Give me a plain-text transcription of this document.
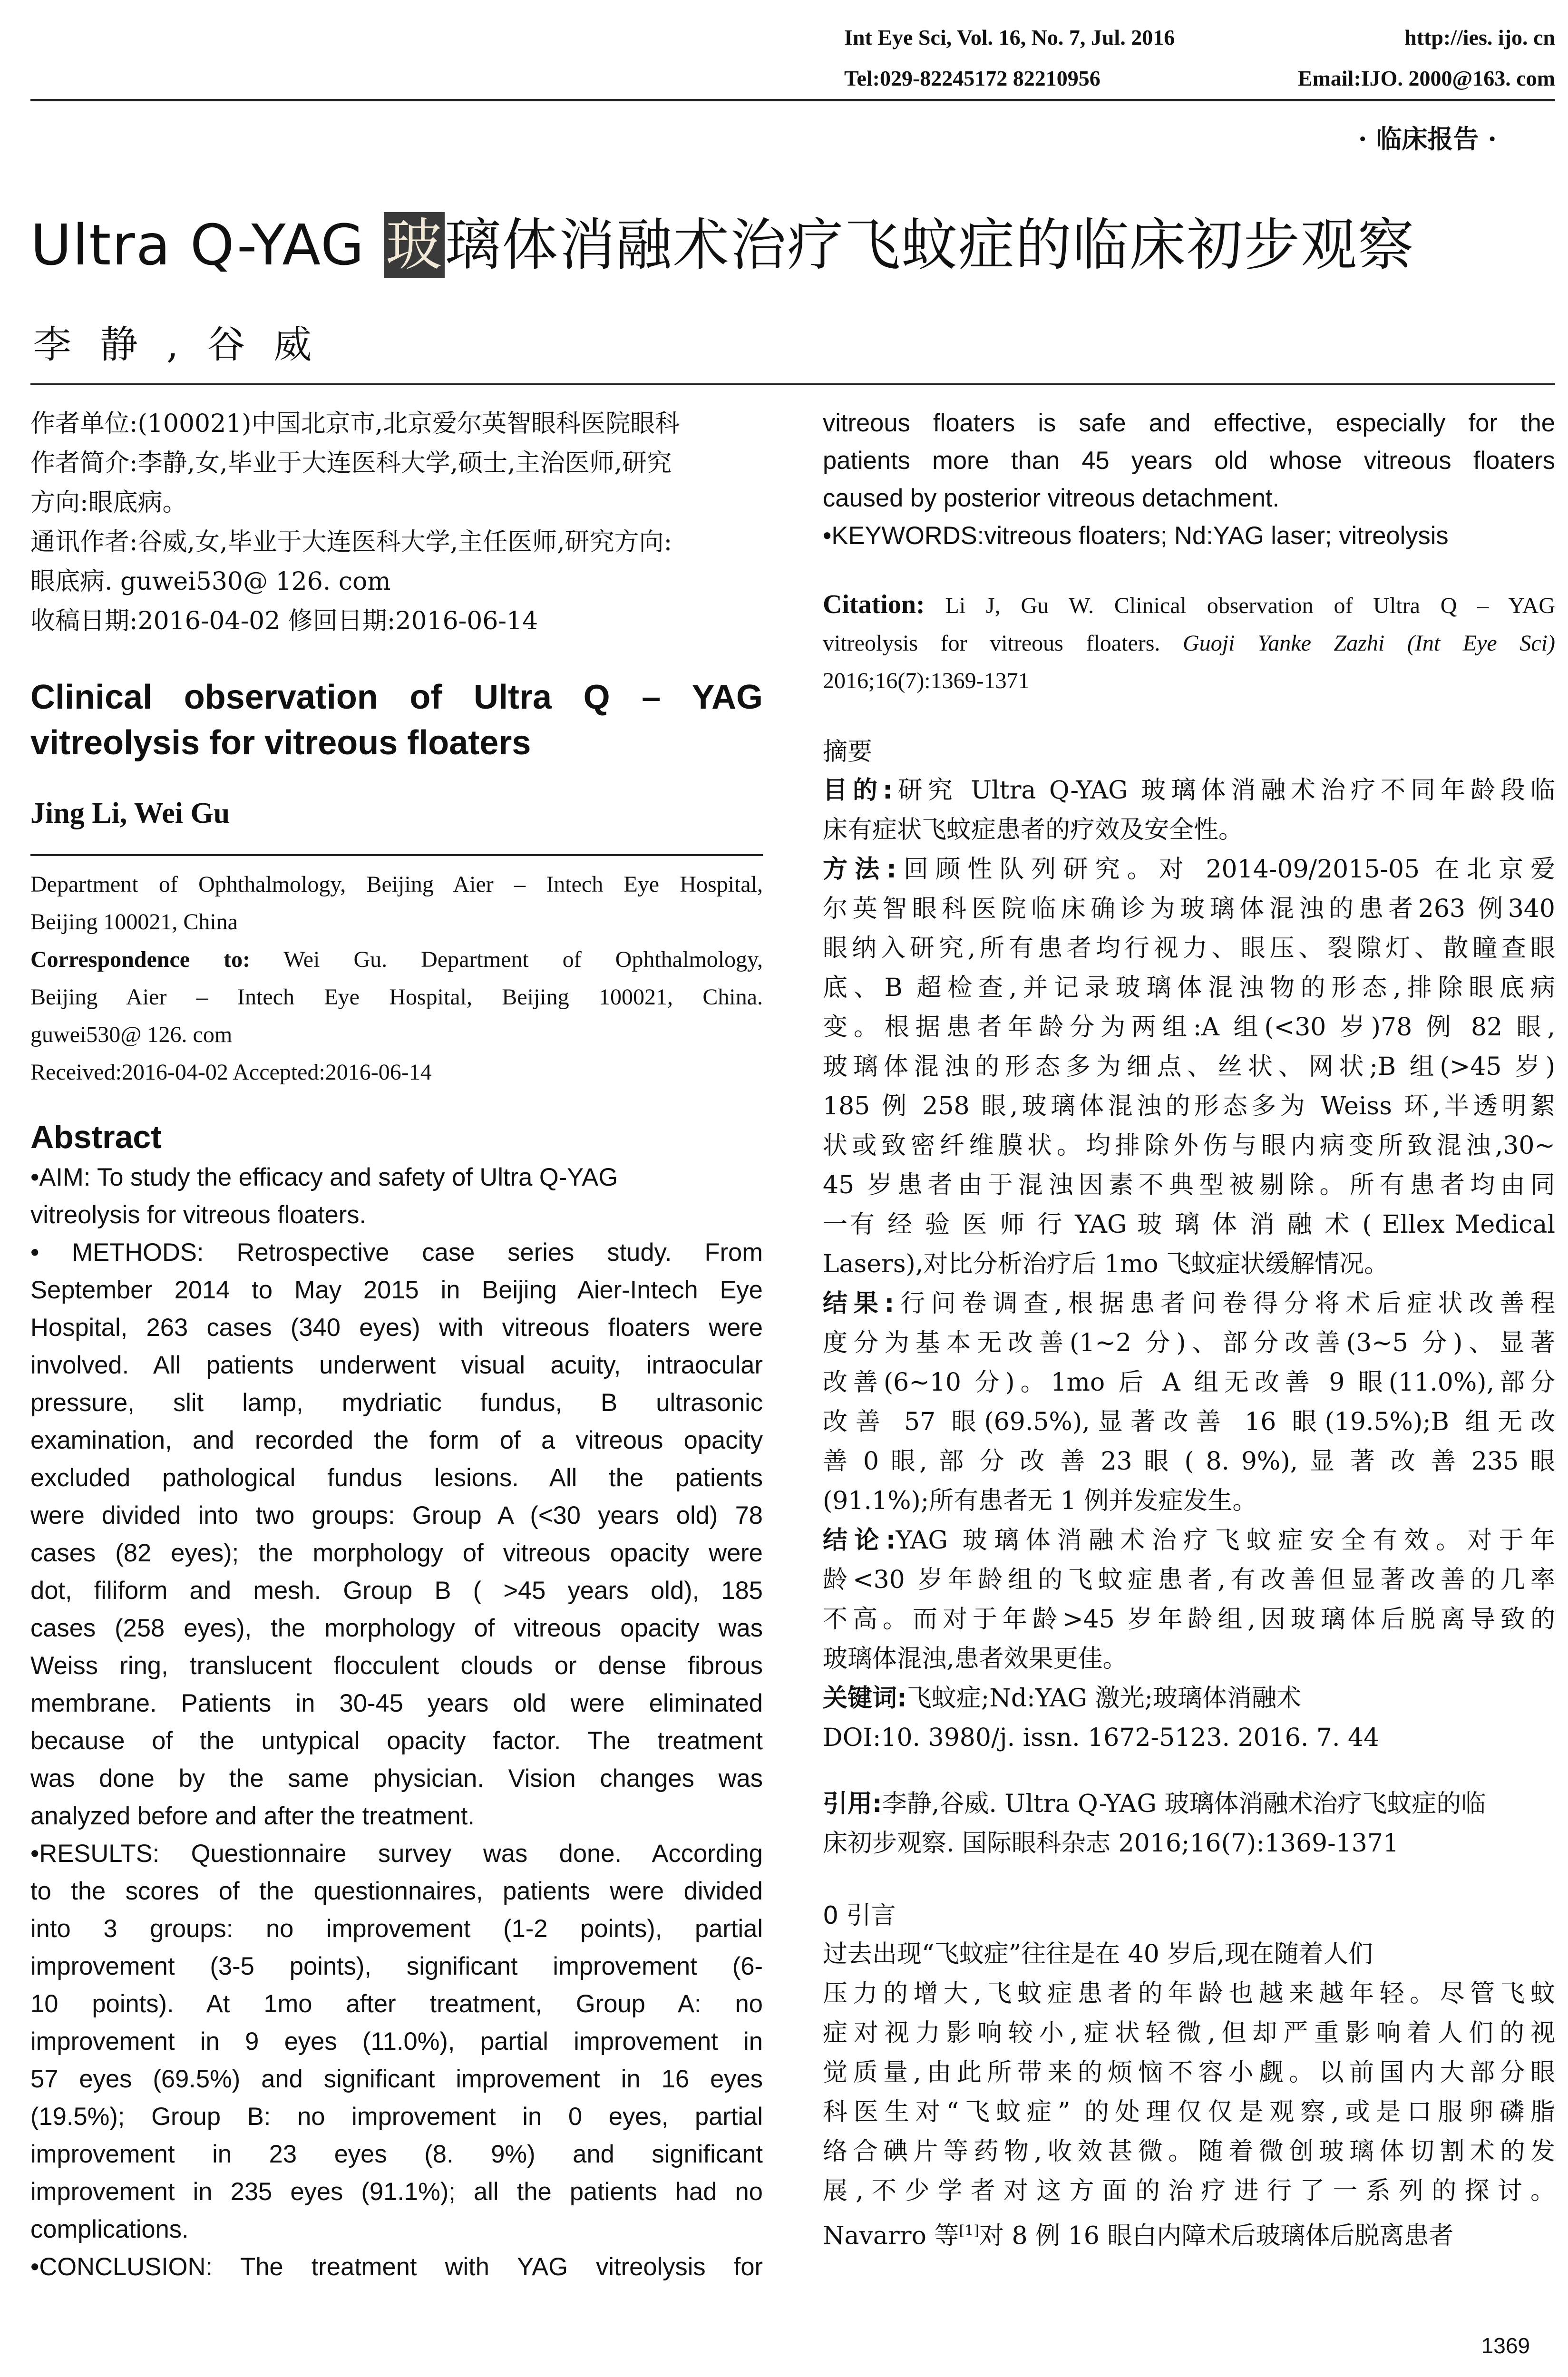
Int Eye Sci, Vol. 16, No. 7, Jul. 2016	http://ies. ijo. cn
Tel:029-82245172 82210956	Email:IJO. 2000@163. com
· 临床报告 ·
Ultra Q-YAG 玻璃体消融术治疗飞蚊症的临床初步观察
李静,谷威
作者单位:(100021)中国北京市,北京爱尔英智眼科医院眼科
作者简介:李静,女,毕业于大连医科大学,硕士,主治医师,研究
方向:眼底病。
通讯作者:谷威,女,毕业于大连医科大学,主任医师,研究方向:
眼底病. guwei530@ 126. com
收稿日期:2016-04-02 修回日期:2016-06-14
Clinical observation of Ultra Q – YAG
vitreolysis for vitreous floaters
Jing Li, Wei Gu
Department of Ophthalmology, Beijing Aier – Intech Eye Hospital,
Beijing 100021, China
Correspondence to: Wei Gu. Department of Ophthalmology,
Beijing Aier – Intech Eye Hospital, Beijing 100021, China.
guwei530@ 126. com
Received:2016-04-02 Accepted:2016-06-14
Abstract
•AIM: To study the efficacy and safety of Ultra Q-YAG
vitreolysis for vitreous floaters.
• METHODS: Retrospective case series study. From
September 2014 to May 2015 in Beijing Aier-Intech Eye
Hospital, 263 cases (340 eyes) with vitreous floaters were
involved. All patients underwent visual acuity, intraocular
pressure, slit lamp, mydriatic fundus, B ultrasonic
examination, and recorded the form of a vitreous opacity
excluded pathological fundus lesions. All the patients
were divided into two groups: Group A (<30 years old) 78
cases (82 eyes); the morphology of vitreous opacity were
dot, filiform and mesh. Group B ( >45 years old), 185
cases (258 eyes), the morphology of vitreous opacity was
Weiss ring, translucent flocculent clouds or dense fibrous
membrane. Patients in 30-45 years old were eliminated
because of the untypical opacity factor. The treatment
was done by the same physician. Vision changes was
analyzed before and after the treatment.
•RESULTS: Questionnaire survey was done. According
to the scores of the questionnaires, patients were divided
into 3 groups: no improvement (1-2 points), partial
improvement (3-5 points), significant improvement (6-
10 points). At 1mo after treatment, Group A: no
improvement in 9 eyes (11.0%), partial improvement in
57 eyes (69.5%) and significant improvement in 16 eyes
(19.5%); Group B: no improvement in 0 eyes, partial
improvement in 23 eyes (8. 9%) and significant
improvement in 235 eyes (91.1%); all the patients had no
complications.
•CONCLUSION: The treatment with YAG vitreolysis for
vitreous floaters is safe and effective, especially for the
patients more than 45 years old whose vitreous floaters
caused by posterior vitreous detachment.
•KEYWORDS:vitreous floaters; Nd:YAG laser; vitreolysis
Citation: Li J, Gu W. Clinical observation of Ultra Q – YAG
vitreolysis for vitreous floaters. Guoji Yanke Zazhi (Int Eye Sci)
2016;16(7):1369-1371
摘要
目的:研究 Ultra Q-YAG 玻璃体消融术治疗不同年龄段临
床有症状飞蚊症患者的疗效及安全性。
方法:回顾性队列研究。对 2014-09/2015-05 在北京爱
尔英智眼科医院临床确诊为玻璃体混浊的患者263 例340
眼纳入研究,所有患者均行视力、眼压、裂隙灯、散瞳查眼
底、B 超检查,并记录玻璃体混浊物的形态,排除眼底病
变。根据患者年龄分为两组:A 组(<30 岁)78 例 82 眼,
玻璃体混浊的形态多为细点、丝状、网状;B 组(>45 岁)
185 例 258 眼,玻璃体混浊的形态多为 Weiss 环,半透明絮
状或致密纤维膜状。均排除外伤与眼内病变所致混浊,30~
45 岁患者由于混浊因素不典型被剔除。所有患者均由同
一有 经 验 医 师 行 YAG 玻 璃 体 消 融 术 ( Ellex Medical
Lasers),对比分析治疗后 1mo 飞蚊症状缓解情况。
结果:行问卷调查,根据患者问卷得分将术后症状改善程
度分为基本无改善(1~2 分)、部分改善(3~5 分)、显著
改善(6~10 分)。1mo 后 A 组无改善 9 眼(11.0%),部分
改善 57 眼(69.5%),显著改善 16 眼(19.5%);B 组无改
善 0 眼, 部 分 改 善 23 眼 ( 8. 9%), 显 著 改 善 235 眼
(91.1%);所有患者无 1 例并发症发生。
结论:YAG 玻璃体消融术治疗飞蚊症安全有效。对于年
龄<30 岁年龄组的飞蚊症患者,有改善但显著改善的几率
不高。而对于年龄>45 岁年龄组,因玻璃体后脱离导致的
玻璃体混浊,患者效果更佳。
关键词:飞蚊症;Nd:YAG 激光;玻璃体消融术
DOI:10. 3980/j. issn. 1672-5123. 2016. 7. 44
引用:李静,谷威. Ultra Q-YAG 玻璃体消融术治疗飞蚊症的临
床初步观察. 国际眼科杂志 2016;16(7):1369-1371
0 引言
过去出现“飞蚊症”往往是在 40 岁后,现在随着人们
压力的增大,飞蚊症患者的年龄也越来越年轻。尽管飞蚊
症对视力影响较小,症状轻微,但却严重影响着人们的视
觉质量,由此所带来的烦恼不容小觑。以前国内大部分眼
科医生对“飞蚊症” 的处理仅仅是观察,或是口服卵磷脂
络合碘片等药物,收效甚微。随着微创玻璃体切割术的发
展,不少学者对这方面的治疗进行了一系列的探讨。
Navarro 等[1]对 8 例 16 眼白内障术后玻璃体后脱离患者
1369
